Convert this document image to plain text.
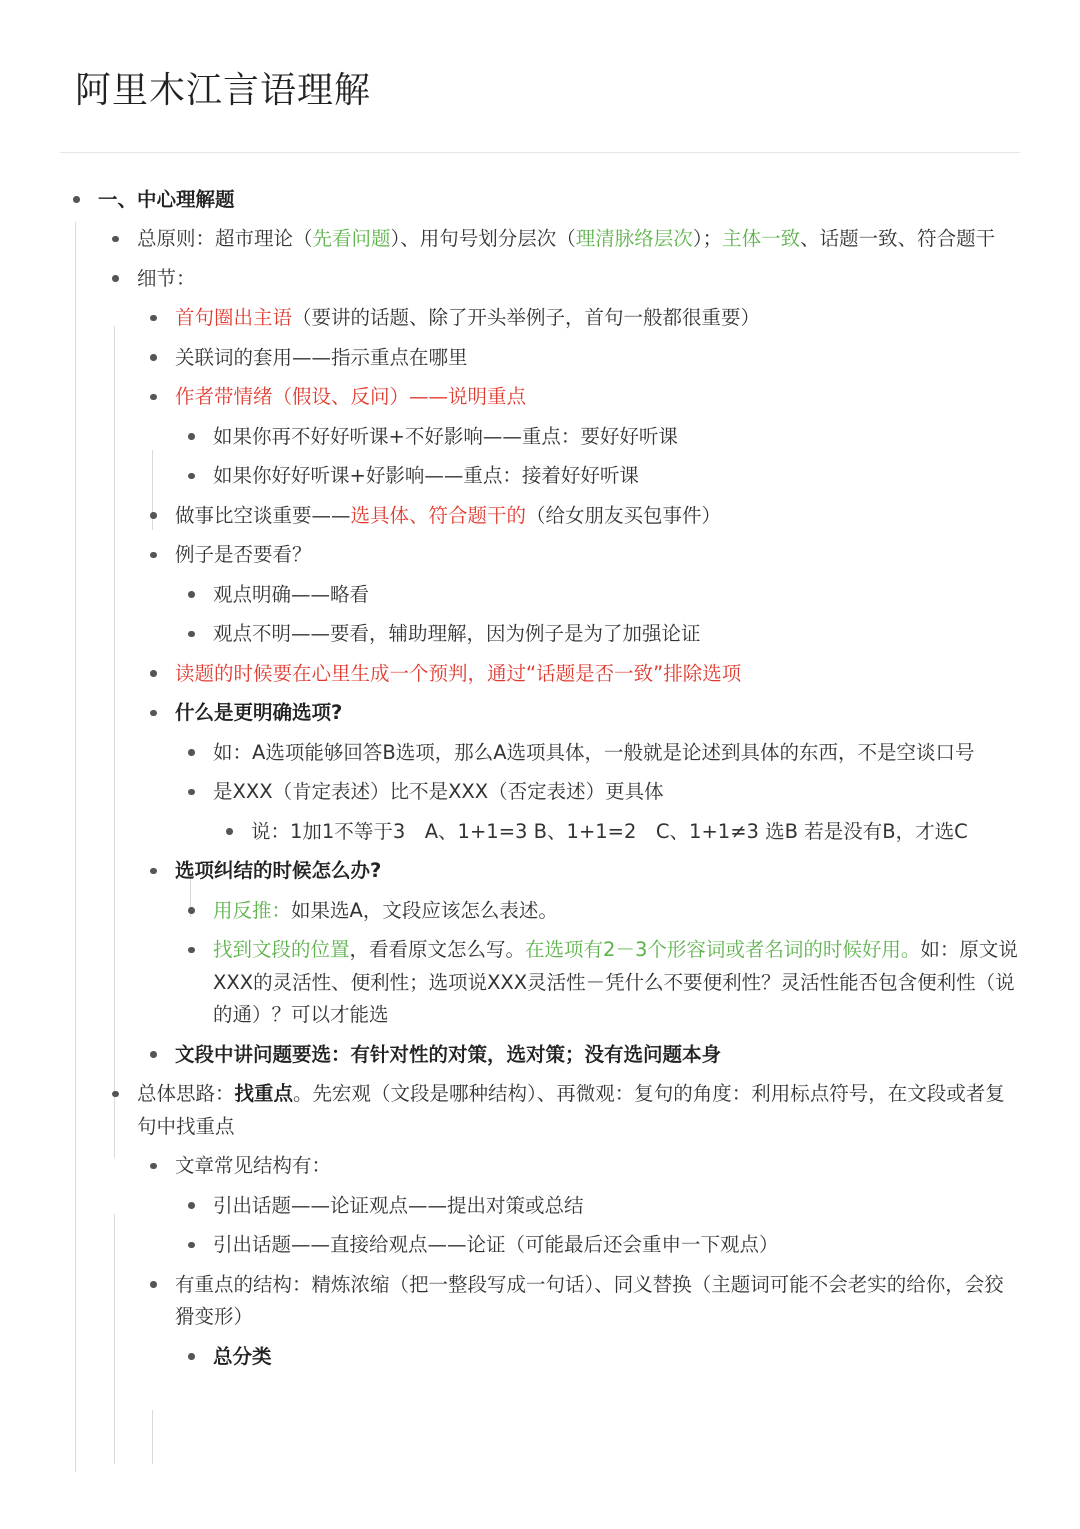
阿里木江言语理解
一、中心理解题
总原则：超市理论（先看问题）、用句号划分层次（理清脉络层次）；主体一致、话题一致、符合题干
细节：
首句圈出主语（要讲的话题、除了开头举例子，首句一般都很重要）
关联词的套用——指示重点在哪里
作者带情绪（假设、反问）——说明重点
如果你再不好好听课+不好影响——重点：要好好听课
如果你好好听课+好影响——重点：接着好好听课
做事比空谈重要——选具体、符合题干的（给女朋友买包事件）
例子是否要看？
观点明确——略看
观点不明——要看，辅助理解，因为例子是为了加强论证
读题的时候要在心里生成一个预判，通过“话题是否一致”排除选项
什么是更明确选项?
如：A选项能够回答B选项，那么A选项具体，一般就是论述到具体的东西，不是空谈口号
是XXX（肯定表述）比不是XXX（否定表述）更具体
说：1加1不等于3　A、1+1=3 B、1+1=2　C、1+1≠3 选B 若是没有B，才选C
选项纠结的时候怎么办?
用反推：如果选A，文段应该怎么表述。
找到文段的位置，看看原文怎么写。在选项有2－3个形容词或者名词的时候好用。如：原文说XXX的灵活性、便利性；选项说XXX灵活性－凭什么不要便利性？灵活性能否包含便利性（说的通）？可以才能选
文段中讲问题要选：有针对性的对策，选对策；没有选问题本身
总体思路：找重点。先宏观（文段是哪种结构）、再微观：复句的角度：利用标点符号，在文段或者复句中找重点
文章常见结构有：
引出话题——论证观点——提出对策或总结
引出话题——直接给观点——论证（可能最后还会重申一下观点）
有重点的结构：精炼浓缩（把一整段写成一句话）、同义替换（主题词可能不会老实的给你，会狡猾变形）
总分类
